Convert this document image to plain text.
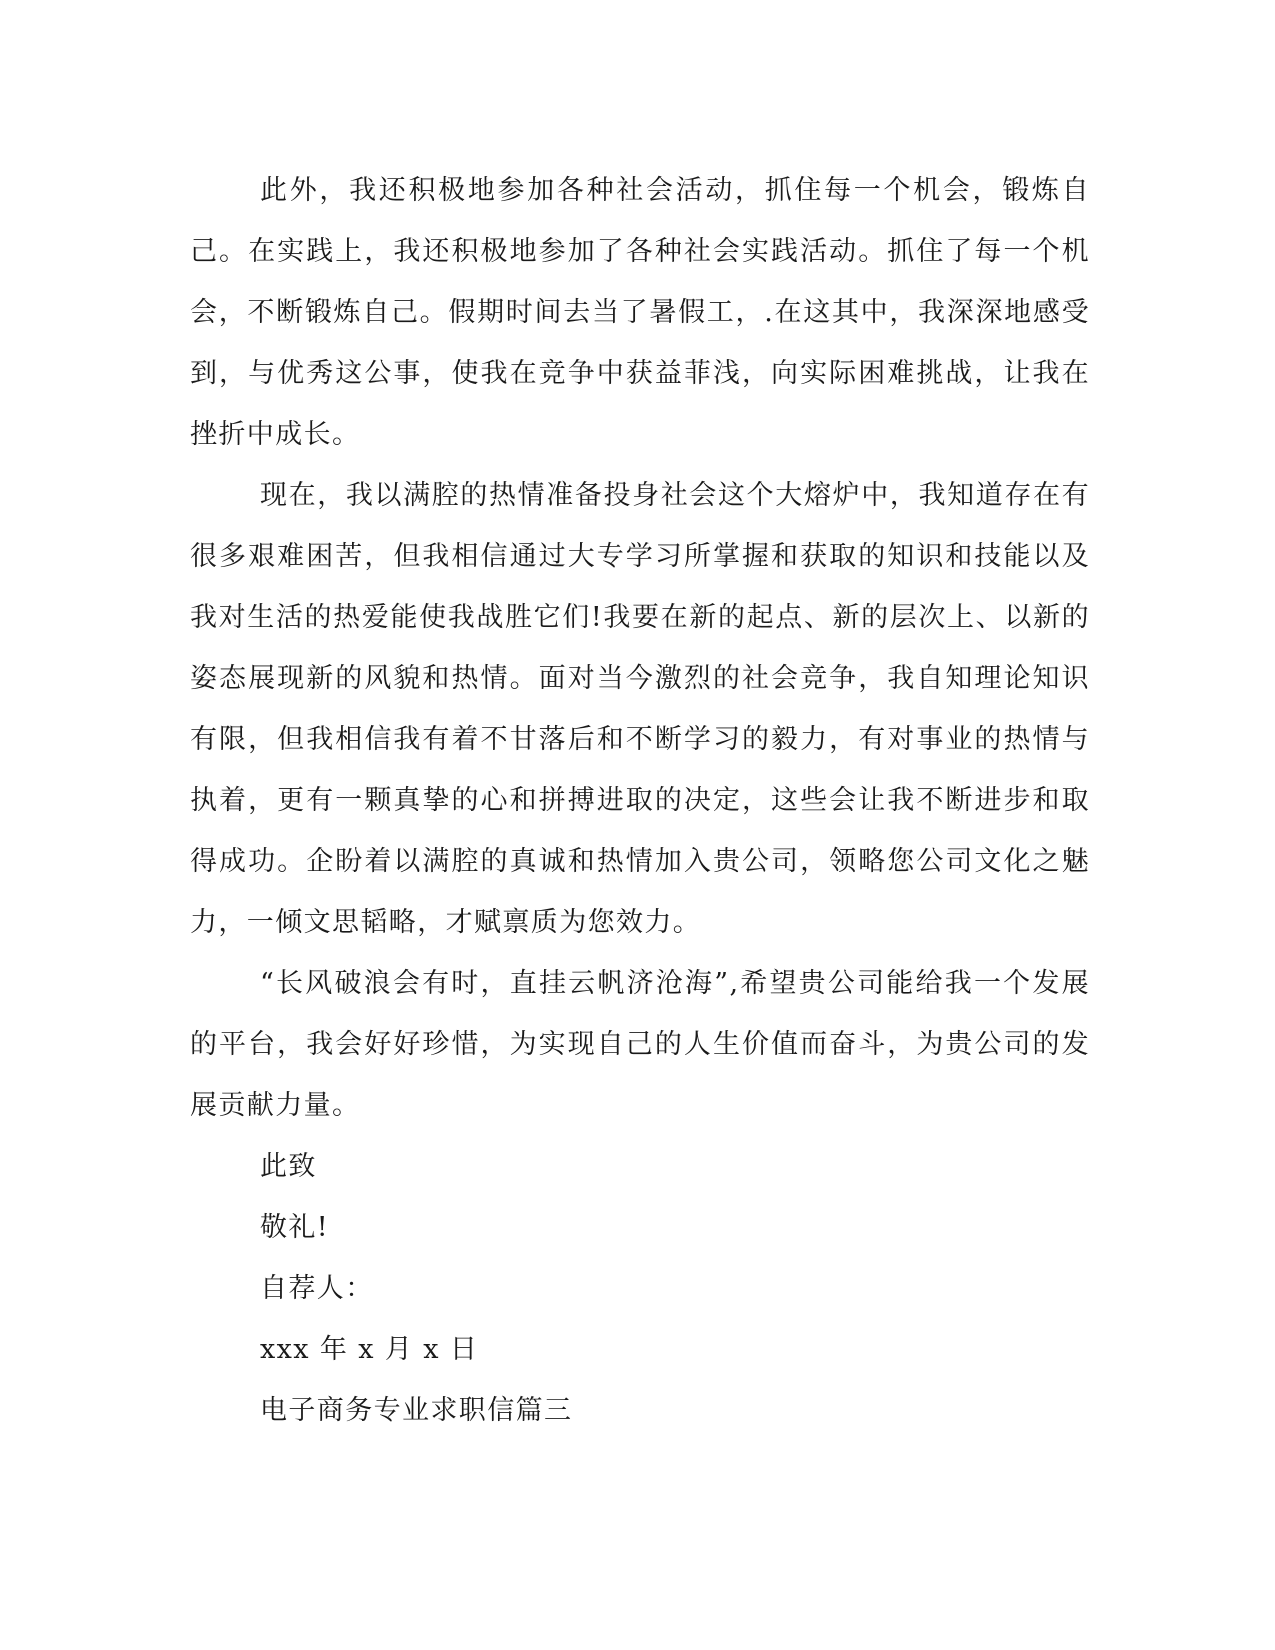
此外，我还积极地参加各种社会活动，抓住每一个机会，锻炼自己。在实践上，我还积极地参加了各种社会实践活动。抓住了每一个机会，不断锻炼自己。假期时间去当了暑假工，.在这其中，我深深地感受到，与优秀这公事，使我在竞争中获益菲浅，向实际困难挑战，让我在挫折中成长。

现在，我以满腔的热情准备投身社会这个大熔炉中，我知道存在有很多艰难困苦，但我相信通过大专学习所掌握和获取的知识和技能以及我对生活的热爱能使我战胜它们!我要在新的起点、新的层次上、以新的姿态展现新的风貌和热情。面对当今激烈的社会竞争，我自知理论知识有限，但我相信我有着不甘落后和不断学习的毅力，有对事业的热情与执着，更有一颗真挚的心和拼搏进取的决定，这些会让我不断进步和取得成功。企盼着以满腔的真诚和热情加入贵公司，领略您公司文化之魅力，一倾文思韬略，才赋禀质为您效力。

“长风破浪会有时，直挂云帆济沧海”,希望贵公司能给我一个发展的平台，我会好好珍惜，为实现自己的人生价值而奋斗，为贵公司的发展贡献力量。

此致

敬礼!

自荐人：

xxx 年 x 月 x 日

电子商务专业求职信篇三
